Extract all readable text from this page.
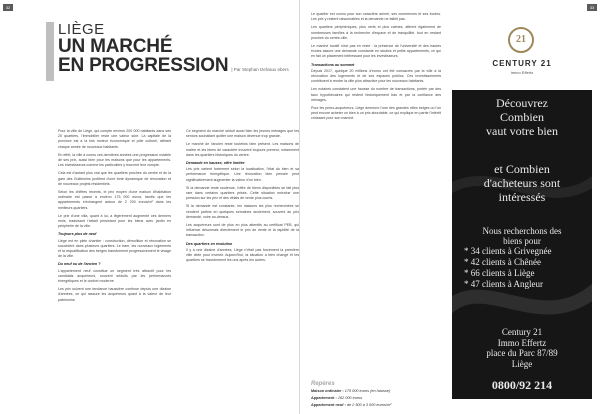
32	33
LIÈGE
UN MARCHÉ
EN PROGRESSION | Par Stephan Delvaux ebers

Pour la ville de Liège, qui compte environ 200 000 habitants dans ses 20 quartiers, l'immobilier reste une valeur sûre. La capitale de la province est à la fois moteur économique et pôle culturel, attirant chaque année de nouveaux habitants.

En effet, la ville a connu ces dernières années une progression notable de ses prix, aussi bien pour les maisons que pour les appartements. Les investisseurs comme les particuliers y trouvent leur compte.

Cela est d'autant plus vrai que les quartiers proches du centre et de la gare des Guillemins profitent d'une forte dynamique de rénovation et de nouveaux projets résidentiels.

Selon les chiffres récents, le prix moyen d'une maison d'habitation ordinaire est passé à environ 175 000 euros, tandis que les appartements s'échangent autour de 2 200 euros/m² dans les meilleurs quartiers.

Le prix d'une villa, quant à lui, a légèrement augmenté ces derniers mois, traduisant l'attrait persistant pour les biens avec jardin en périphérie de la ville.

Toujours plus de neuf

Liège est en plein chantier : construction, démolition et rénovation se succèdent dans plusieurs quartiers. Le tram, les nouveaux logements et la requalification des berges transforment progressivement le visage de la ville.

Du neuf ou de l'ancien ?

L'appartement neuf constitue un segment très attractif pour les candidats acquéreurs, souvent séduits par les performances énergétiques et le confort moderne.

Les prix suivent une tendance haussière continue depuis une dizaine d'années, ce qui rassure les acquéreurs quant à la valeur de leur patrimoine.

Ce segment du marché séduit aussi bien les jeunes ménages que les seniors souhaitant quitter une maison devenue trop grande.

Le marché de l'ancien reste toutefois bien présent. Les maisons de maître et les biens de caractère trouvent toujours preneur, notamment dans les quartiers historiques du centre.

Demande en hausse, offre limitée

Les prix varient fortement selon la localisation, l'état du bien et sa performance énergétique. Une rénovation bien pensée peut significativement augmenter la valeur d'un bien.

Si la demande reste soutenue, l'offre de biens disponibles se fait plus rare dans certains quartiers prisés. Cette situation entraîne une pression sur les prix et des délais de vente plus courts.

Si la demande est constante, les maisons les plus recherchées se vendent parfois en quelques semaines seulement, souvent au prix demandé, voire au-dessus.

Les acquéreurs sont de plus en plus attentifs au certificat PEB, qui influence désormais directement le prix de vente et la rapidité de la transaction.

Des quartiers en évolution

Il y a une dizaine d'années, Liège n'était pas forcément la première ville citée pour investir. Aujourd'hui, la situation a bien changé et les quartiers se transforment les uns après les autres.

Le quartier est connu pour son caractère animé, ses commerces et ses écoles. Les prix y restent raisonnables et la demande ne faiblit pas.

Les quartiers périphériques, plus verts et plus calmes, attirent également de nombreuses familles à la recherche d'espace et de tranquillité, tout en restant proches du centre-ville.

Le marché locatif n'est pas en reste : la présence de l'université et des hautes écoles assure une demande constante en studios et petits appartements, ce qui en fait un placement intéressant pour les investisseurs.

Transactions au sommet

Depuis 2017, quelque 20 millions d'euros ont été consacrés par la ville à la rénovation des logements et de ses espaces publics. Ces investissements contribuent à rendre la ville plus attractive pour les nouveaux habitants.

Les notaires constatent une hausse du nombre de transactions, portée par des taux hypothécaires qui restent historiquement bas et par la confiance des ménages.

Pour les primo-acquéreurs, Liège demeure l'une des grandes villes belges où l'on peut encore acheter un bien à un prix abordable, ce qui explique en partie l'intérêt croissant pour son marché.

21
CENTURY 21
Immo Effertz
Découvrez
Combien
vaut votre bien
et Combien
d'acheteurs sont
intéressés
Nous recherchons des
biens pour
* 34 clients à Grivegnée
* 42 clients à Chênée
* 66 clients à Liège
* 47 clients à Angleur
Century 21
Immo Effertz
place du Parc 87/89
Liège
0800/92 214
Repères
Maison ordinaire : 175 000 euros (en hausse)
Appartement : 162 000 euros
Appartement neuf : de 2 500 à 3 000 euros/m²
